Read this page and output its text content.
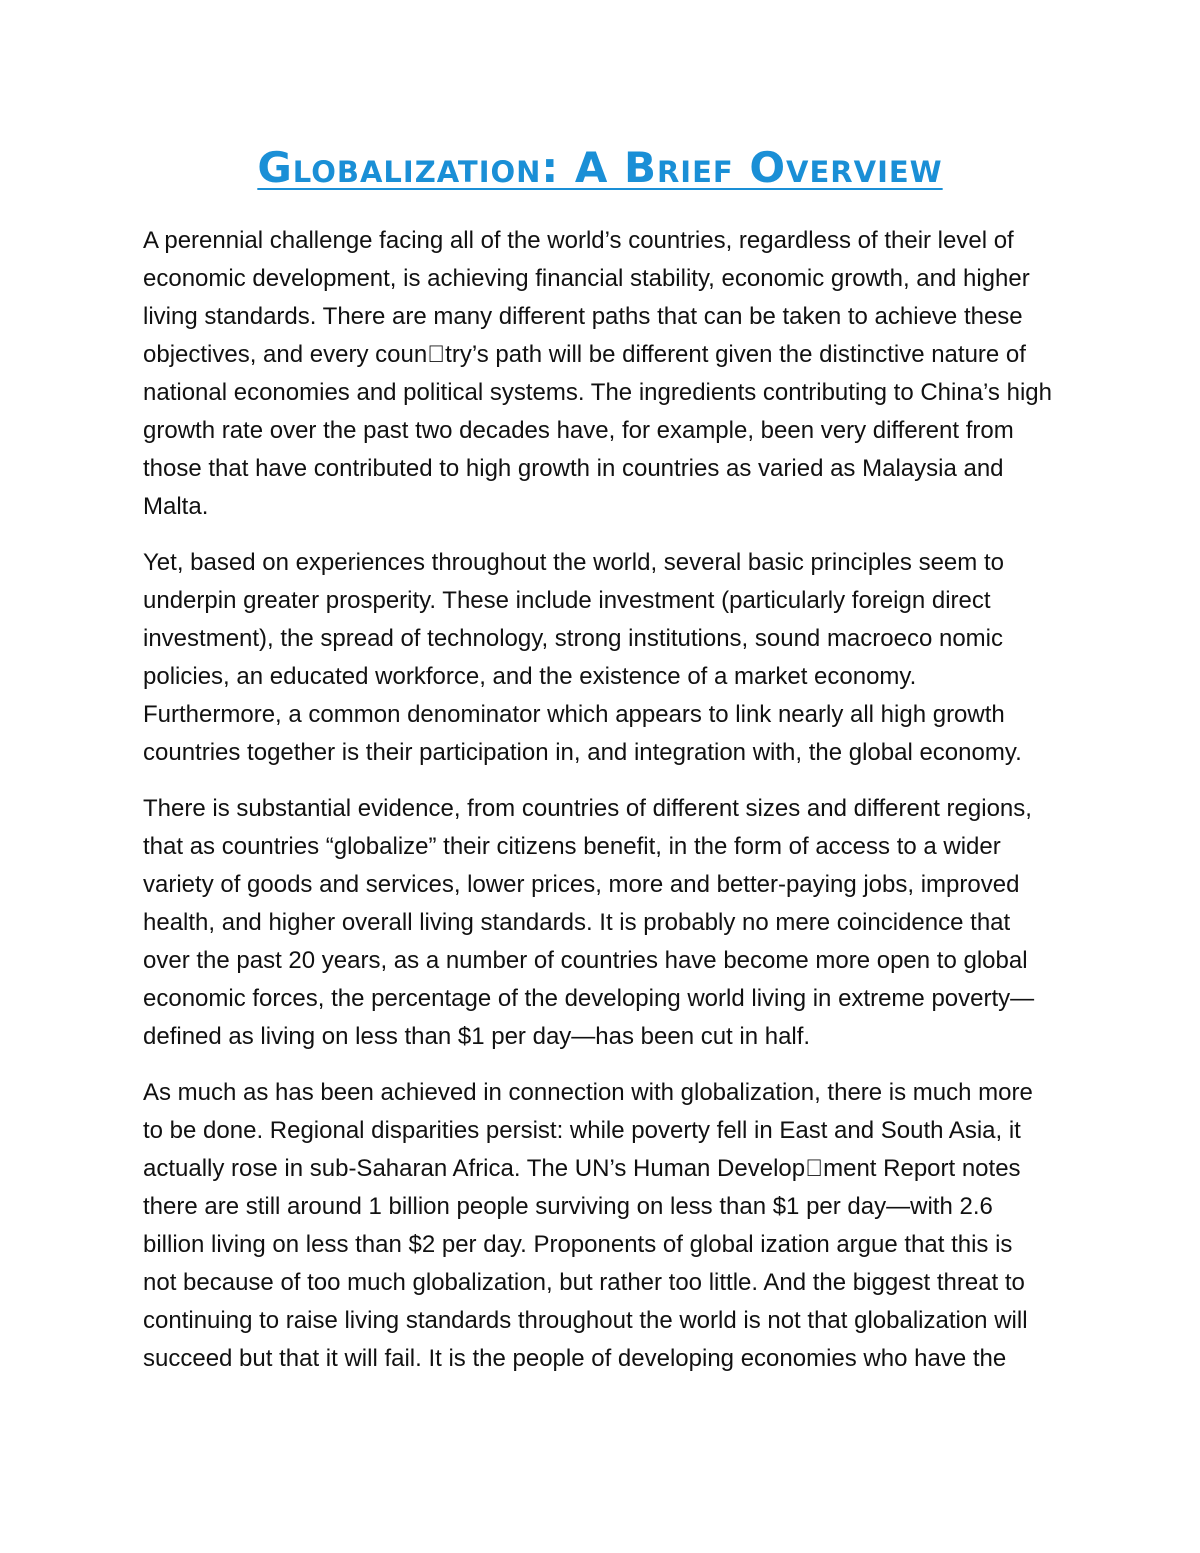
Globalization: A Brief Overview

A perennial challenge facing all of the world’s countries, regardless of their level of
economic development, is achieving financial stability, economic growth, and higher
living standards. There are many different paths that can be taken to achieve these
objectives, and every coun try’s path will be different given the distinctive nature of
national economies and political systems. The ingredients contributing to China’s high
growth rate over the past two decades have, for example, been very different from
those that have contributed to high growth in countries as varied as Malaysia and
Malta.

Yet, based on experiences throughout the world, several basic principles seem to
underpin greater prosperity. These include investment (particularly foreign direct
investment), the spread of technology, strong institutions, sound macroeco nomic
policies, an educated workforce, and the existence of a market economy.
Furthermore, a common denominator which appears to link nearly all high growth
countries together is their participation in, and integration with, the global economy.

There is substantial evidence, from countries of different sizes and different regions,
that as countries “globalize” their citizens benefit, in the form of access to a wider
variety of goods and services, lower prices, more and better-paying jobs, improved
health, and higher overall living standards. It is probably no mere coincidence that
over the past 20 years, as a number of countries have become more open to global
economic forces, the percentage of the developing world living in extreme poverty—
defined as living on less than $1 per day—has been cut in half.

As much as has been achieved in connection with globalization, there is much more
to be done. Regional disparities persist: while poverty fell in East and South Asia, it
actually rose in sub-Saharan Africa. The UN’s Human Develop ment Report notes
there are still around 1 billion people surviving on less than $1 per day—with 2.6
billion living on less than $2 per day. Proponents of global ization argue that this is
not because of too much globalization, but rather too little. And the biggest threat to
continuing to raise living standards throughout the world is not that globalization will
succeed but that it will fail. It is the people of developing economies who have the
